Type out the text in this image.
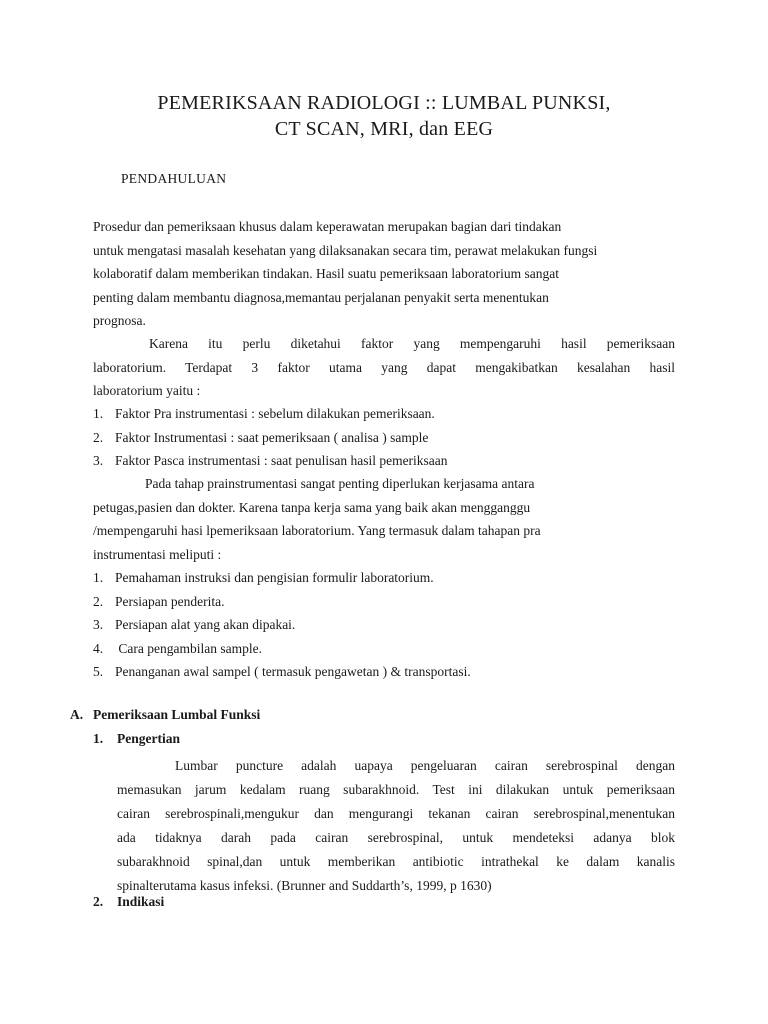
PEMERIKSAAN RADIOLOGI :: LUMBAL PUNKSI,
CT SCAN, MRI, dan EEG
PENDAHULUAN
Prosedur dan pemeriksaan khusus dalam keperawatan merupakan bagian dari tindakan
untuk mengatasi masalah kesehatan yang dilaksanakan secara tim, perawat melakukan fungsi
kolaboratif dalam memberikan tindakan. Hasil suatu pemeriksaan laboratorium sangat
penting dalam membantu diagnosa,memantau perjalanan penyakit serta menentukan
prognosa.
Karena itu perlu diketahui faktor yang mempengaruhi hasil pemeriksaan
laboratorium. Terdapat 3 faktor utama yang dapat mengakibatkan kesalahan hasil
laboratorium yaitu :
1. Faktor Pra instrumentasi : sebelum dilakukan pemeriksaan.
2. Faktor Instrumentasi : saat pemeriksaan ( analisa ) sample
3. Faktor Pasca instrumentasi : saat penulisan hasil pemeriksaan
Pada tahap prainstrumentasi sangat penting diperlukan kerjasama antara
petugas,pasien dan dokter. Karena tanpa kerja sama yang baik akan mengganggu
/mempengaruhi hasi lpemeriksaan laboratorium. Yang termasuk dalam tahapan pra
instrumentasi meliputi :
1. Pemahaman instruksi dan pengisian formulir laboratorium.
2. Persiapan penderita.
3. Persiapan alat yang akan dipakai.
4. Cara pengambilan sample.
5. Penanganan awal sampel ( termasuk pengawetan ) & transportasi.
A. Pemeriksaan Lumbal Funksi
1. Pengertian
Lumbar puncture adalah uapaya pengeluaran cairan serebrospinal dengan
memasukan jarum kedalam ruang subarakhnoid. Test ini dilakukan untuk pemeriksaan
cairan serebrospinali,mengukur dan mengurangi tekanan cairan serebrospinal,menentukan
ada tidaknya darah pada cairan serebrospinal, untuk mendeteksi adanya blok
subarakhnoid spinal,dan untuk memberikan antibiotic intrathekal ke dalam kanalis
spinalterutama kasus infeksi. (Brunner and Suddarth’s, 1999, p 1630)
2. Indikasi
